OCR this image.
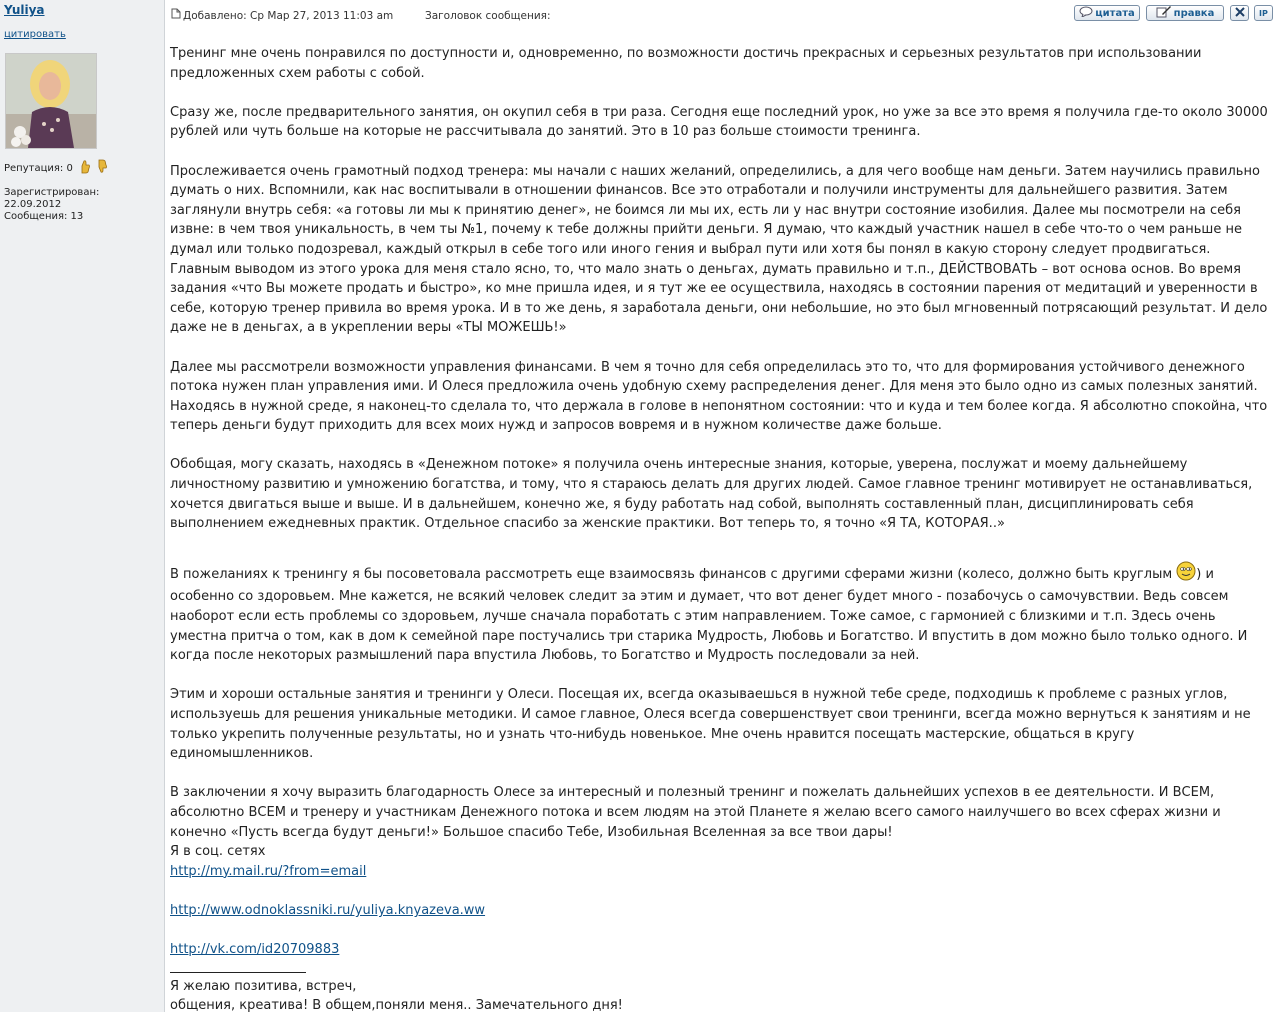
Yuliya
цитировать
Репутация: 0
Зарегистрирован:
22.09.2012
Сообщения: 13
Добавлено: Ср Мар 27, 2013 11:03 am	Заголовок сообщения:	цитата	правка	IP

Тренинг мне очень понравился по доступности и, одновременно, по возможности достичь прекрасных и серьезных результатов при использовании предложенных схем работы с собой.

Сразу же, после предварительного занятия, он окупил себя в три раза. Сегодня еще последний урок, но уже за все это время я получила где-то около 30000 рублей или чуть больше на которые не рассчитывала до занятий. Это в 10 раз больше стоимости тренинга.

Прослеживается очень грамотный подход тренера: мы начали с наших желаний, определились, а для чего вообще нам деньги. Затем научились правильно думать о них. Вспомнили, как нас воспитывали в отношении финансов. Все это отработали и получили инструменты для дальнейшего развития. Затем заглянули внутрь себя: «а готовы ли мы к принятию денег», не боимся ли мы их, есть ли у нас внутри состояние изобилия. Далее мы посмотрели на себя извне: в чем твоя уникальность, в чем ты №1, почему к тебе должны прийти деньги. Я думаю, что каждый участник нашел в себе что-то о чем раньше не думал или только подозревал, каждый открыл в себе того или иного гения и выбрал пути или хотя бы понял в какую сторону следует продвигаться. Главным выводом из этого урока для меня стало ясно, то, что мало знать о деньгах, думать правильно и т.п., ДЕЙСТВОВАТЬ – вот основа основ. Во время задания «что Вы можете продать и быстро», ко мне пришла идея, и я тут же ее осуществила, находясь в состоянии парения от медитаций и уверенности в себе, которую тренер привила во время урока. И в то же день, я заработала деньги, они небольшие, но это был мгновенный потрясающий результат. И дело даже не в деньгах, а в укреплении веры «ТЫ МОЖЕШЬ!»

Далее мы рассмотрели возможности управления финансами. В чем я точно для себя определилась это то, что для формирования устойчивого денежного потока нужен план управления ими. И Олеся предложила очень удобную схему распределения денег. Для меня это было одно из самых полезных занятий. Находясь в нужной среде, я наконец-то сделала то, что держала в голове в непонятном состоянии: что и куда и тем более когда. Я абсолютно спокойна, что теперь деньги будут приходить для всех моих нужд и запросов вовремя и в нужном количестве даже больше.

Обобщая, могу сказать, находясь в «Денежном потоке» я получила очень интересные знания, которые, уверена, послужат и моему дальнейшему личностному развитию и умножению богатства, и тому, что я стараюсь делать для других людей. Самое главное тренинг мотивирует не останавливаться, хочется двигаться выше и выше. И в дальнейшем, конечно же, я буду работать над собой, выполнять составленный план, дисциплинировать себя выполнением ежедневных практик. Отдельное спасибо за женские практики. Вот теперь то, я точно «Я ТА, КОТОРАЯ..»

В пожеланиях к тренингу я бы посоветовала рассмотреть еще взаимосвязь финансов с другими сферами жизни (колесо, должно быть круглым ) и особенно со здоровьем. Мне кажется, не всякий человек следит за этим и думает, что вот денег будет много - позабочусь о самочувствии. Ведь совсем наоборот если есть проблемы со здоровьем, лучше сначала поработать с этим направлением. Тоже самое, с гармонией с близкими и т.п. Здесь очень уместна притча о том, как в дом к семейной паре постучались три старика Мудрость, Любовь и Богатство. И впустить в дом можно было только одного. И когда после некоторых размышлений пара впустила Любовь, то Богатство и Мудрость последовали за ней.

Этим и хороши остальные занятия и тренинги у Олеси. Посещая их, всегда оказываешься в нужной тебе среде, подходишь к проблеме с разных углов, используешь для решения уникальные методики. И самое главное, Олеся всегда совершенствует свои тренинги, всегда можно вернуться к занятиям и не только укрепить полученные результаты, но и узнать что-нибудь новенькое. Мне очень нравится посещать мастерские, общаться в кругу единомышленников.

В заключении я хочу выразить благодарность Олесе за интересный и полезный тренинг и пожелать дальнейших успехов в ее деятельности. И ВСЕМ, абсолютно ВСЕМ и тренеру и участникам Денежного потока и всем людям на этой Планете я желаю всего самого наилучшего во всех сферах жизни и конечно «Пусть всегда будут деньги!» Большое спасибо Тебе, Изобильная Вселенная за все твои дары!

Я в соц. сетях

http://my.mail.ru/?from=email

http://www.odnoklassniki.ru/yuliya.knyazeva.ww

http://vk.com/id20709883

Я желаю позитива, встреч,

общения, креатива! В общем,поняли меня.. Замечательного дня!
